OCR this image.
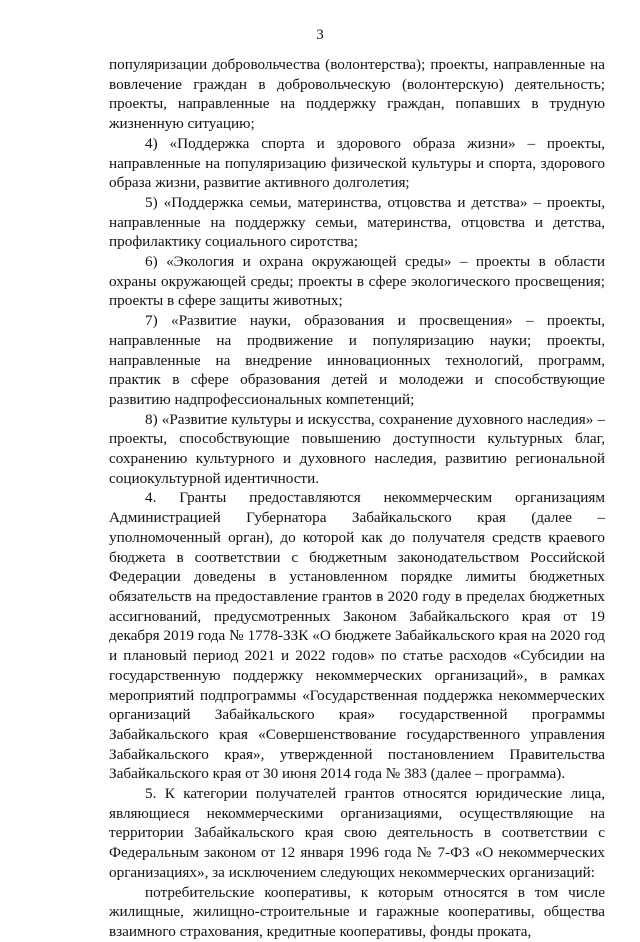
3

популяризации добровольчества (волонтерства); проекты, направленные на вовлечение граждан в добровольческую (волонтерскую) деятельность; проекты, направленные на поддержку граждан, попавших в трудную жизненную ситуацию;

4) «Поддержка спорта и здорового образа жизни» – проекты, направленные на популяризацию физической культуры и спорта, здорового образа жизни, развитие активного долголетия;

5) «Поддержка семьи, материнства, отцовства и детства» – проекты, направленные на поддержку семьи, материнства, отцовства и детства, профилактику социального сиротства;

6) «Экология и охрана окружающей среды» – проекты в области охраны окружающей среды; проекты в сфере экологического просвещения; проекты в сфере защиты животных;

7) «Развитие науки, образования и просвещения» – проекты, направленные на продвижение и популяризацию науки; проекты, направленные на внедрение инновационных технологий, программ, практик в сфере образования детей и молодежи и способствующие развитию надпрофессиональных компетенций;

8) «Развитие культуры и искусства, сохранение духовного наследия» – проекты, способствующие повышению доступности культурных благ, сохранению культурного и духовного наследия, развитию региональной социокультурной идентичности.

4. Гранты предоставляются некоммерческим организациям Администрацией Губернатора Забайкальского края (далее – уполномоченный орган), до которой как до получателя средств краевого бюджета в соответствии с бюджетным законодательством Российской Федерации доведены в установленном порядке лимиты бюджетных обязательств на предоставление грантов в 2020 году в пределах бюджетных ассигнований, предусмотренных Законом Забайкальского края от 19 декабря 2019 года № 1778-ЗЗК «О бюджете Забайкальского края на 2020 год и плановый период 2021 и 2022 годов» по статье расходов «Субсидии на государственную поддержку некоммерческих организаций», в рамках мероприятий подпрограммы «Государственная поддержка некоммерческих организаций Забайкальского края» государственной программы Забайкальского края «Совершенствование государственного управления Забайкальского края», утвержденной постановлением Правительства Забайкальского края от 30 июня 2014 года № 383 (далее – программа).

5. К категории получателей грантов относятся юридические лица, являющиеся некоммерческими организациями, осуществляющие на территории Забайкальского края свою деятельность в соответствии с Федеральным законом от 12 января 1996 года № 7-ФЗ «О некоммерческих организациях», за исключением следующих некоммерческих организаций:

потребительские кооперативы, к которым относятся в том числе жилищные, жилищно-строительные и гаражные кооперативы, общества взаимного страхования, кредитные кооперативы, фонды проката,
